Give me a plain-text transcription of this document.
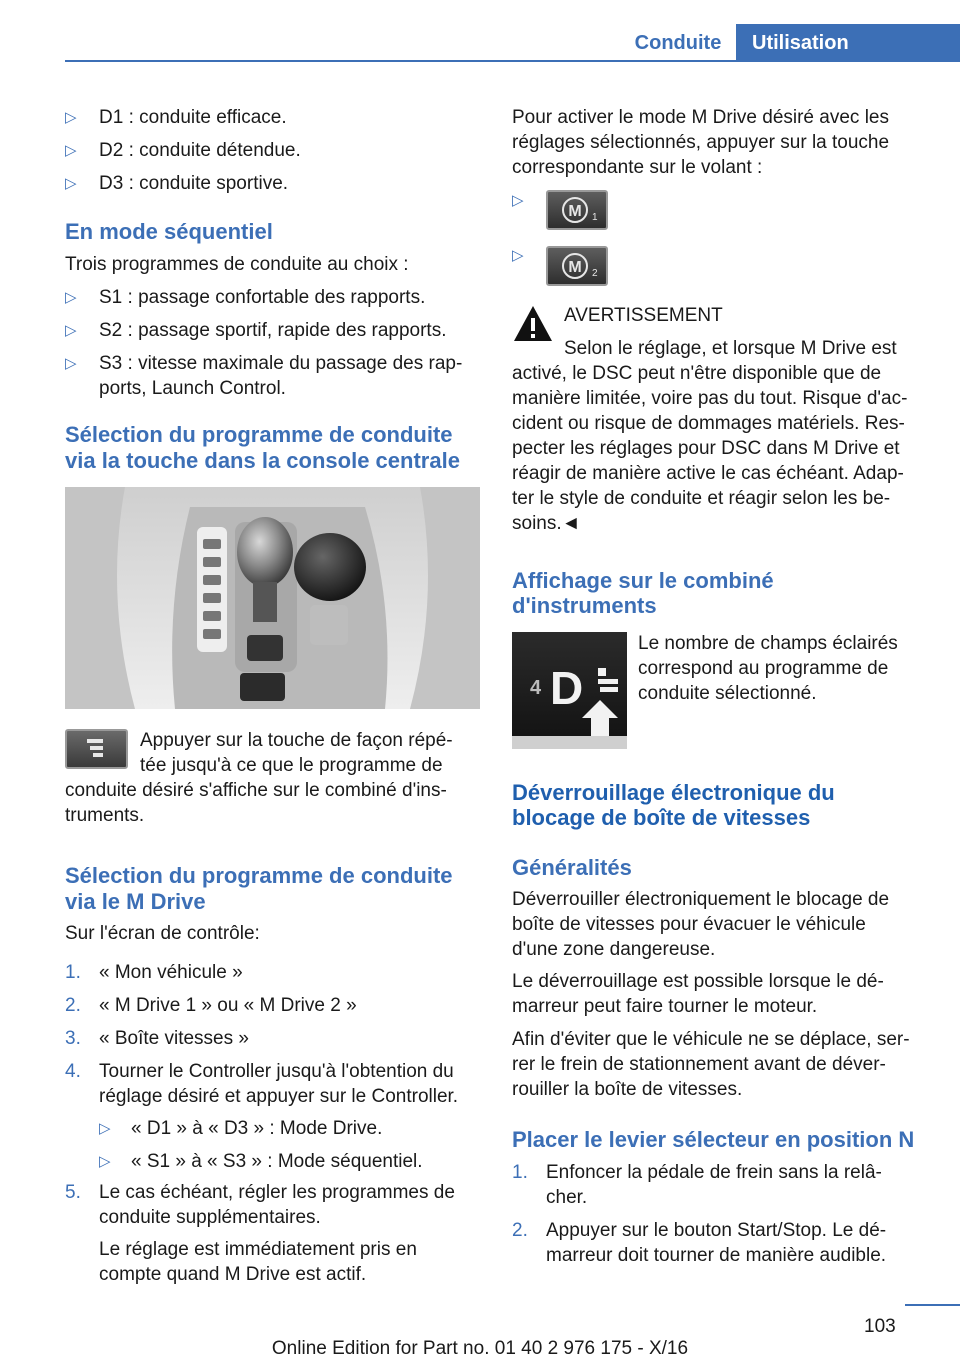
Conduite	Utilisation
▷ D1 : conduite efficace.
▷ D2 : conduite détendue.
▷ D3 : conduite sportive.
En mode séquentiel
Trois programmes de conduite au choix :
▷ S1 : passage confortable des rapports.
▷ S2 : passage sportif, rapide des rapports.
▷ S3 : vitesse maximale du passage des rap‐
ports, Launch Control.
Sélection du programme de conduite
via la touche dans la console centrale
Appuyer sur la touche de façon répé‐
tée jusqu'à ce que le programme de
conduite désiré s'affiche sur le combiné d'ins‐
truments.
Sélection du programme de conduite
via le M Drive
Sur l'écran de contrôle:
1. « Mon véhicule »
2. « M Drive 1 » ou « M Drive 2 »
3. « Boîte vitesses »
4. Tourner le Controller jusqu'à l'obtention du
réglage désiré et appuyer sur le Controller.
▷ « D1 » à « D3 » : Mode Drive.
▷ « S1 » à « S3 » : Mode séquentiel.
5. Le cas échéant, régler les programmes de
conduite supplémentaires.
Le réglage est immédiatement pris en
compte quand M Drive est actif.
Pour activer le mode M Drive désiré avec les
réglages sélectionnés, appuyer sur la touche
correspondante sur le volant :
▷
M 1
▷
M 2
AVERTISSEMENT
Selon le réglage, et lorsque M Drive est
activé, le DSC peut n'être disponible que de
manière limitée, voire pas du tout. Risque d'ac‐
cident ou risque de dommages matériels. Res‐
pecter les réglages pour DSC dans M Drive et
réagir de manière active le cas échéant. Adap‐
ter le style de conduite et réagir selon les be‐
soins.◄
Affichage sur le combiné
d'instruments
4 D
Le nombre de champs éclairés
correspond au programme de
conduite sélectionné.
Déverrouillage électronique du
blocage de boîte de vitesses
Généralités
Déverrouiller électroniquement le blocage de
boîte de vitesses pour évacuer le véhicule
d'une zone dangereuse.
Le déverrouillage est possible lorsque le dé‐
marreur peut faire tourner le moteur.
Afin d'éviter que le véhicule ne se déplace, ser‐
rer le frein de stationnement avant de déver‐
rouiller la boîte de vitesses.
Placer le levier sélecteur en position N
1. Enfoncer la pédale de frein sans la relâ‐
cher.
2. Appuyer sur le bouton Start/Stop. Le dé‐
marreur doit tourner de manière audible.
103
Online Edition for Part no. 01 40 2 976 175 - X/16
